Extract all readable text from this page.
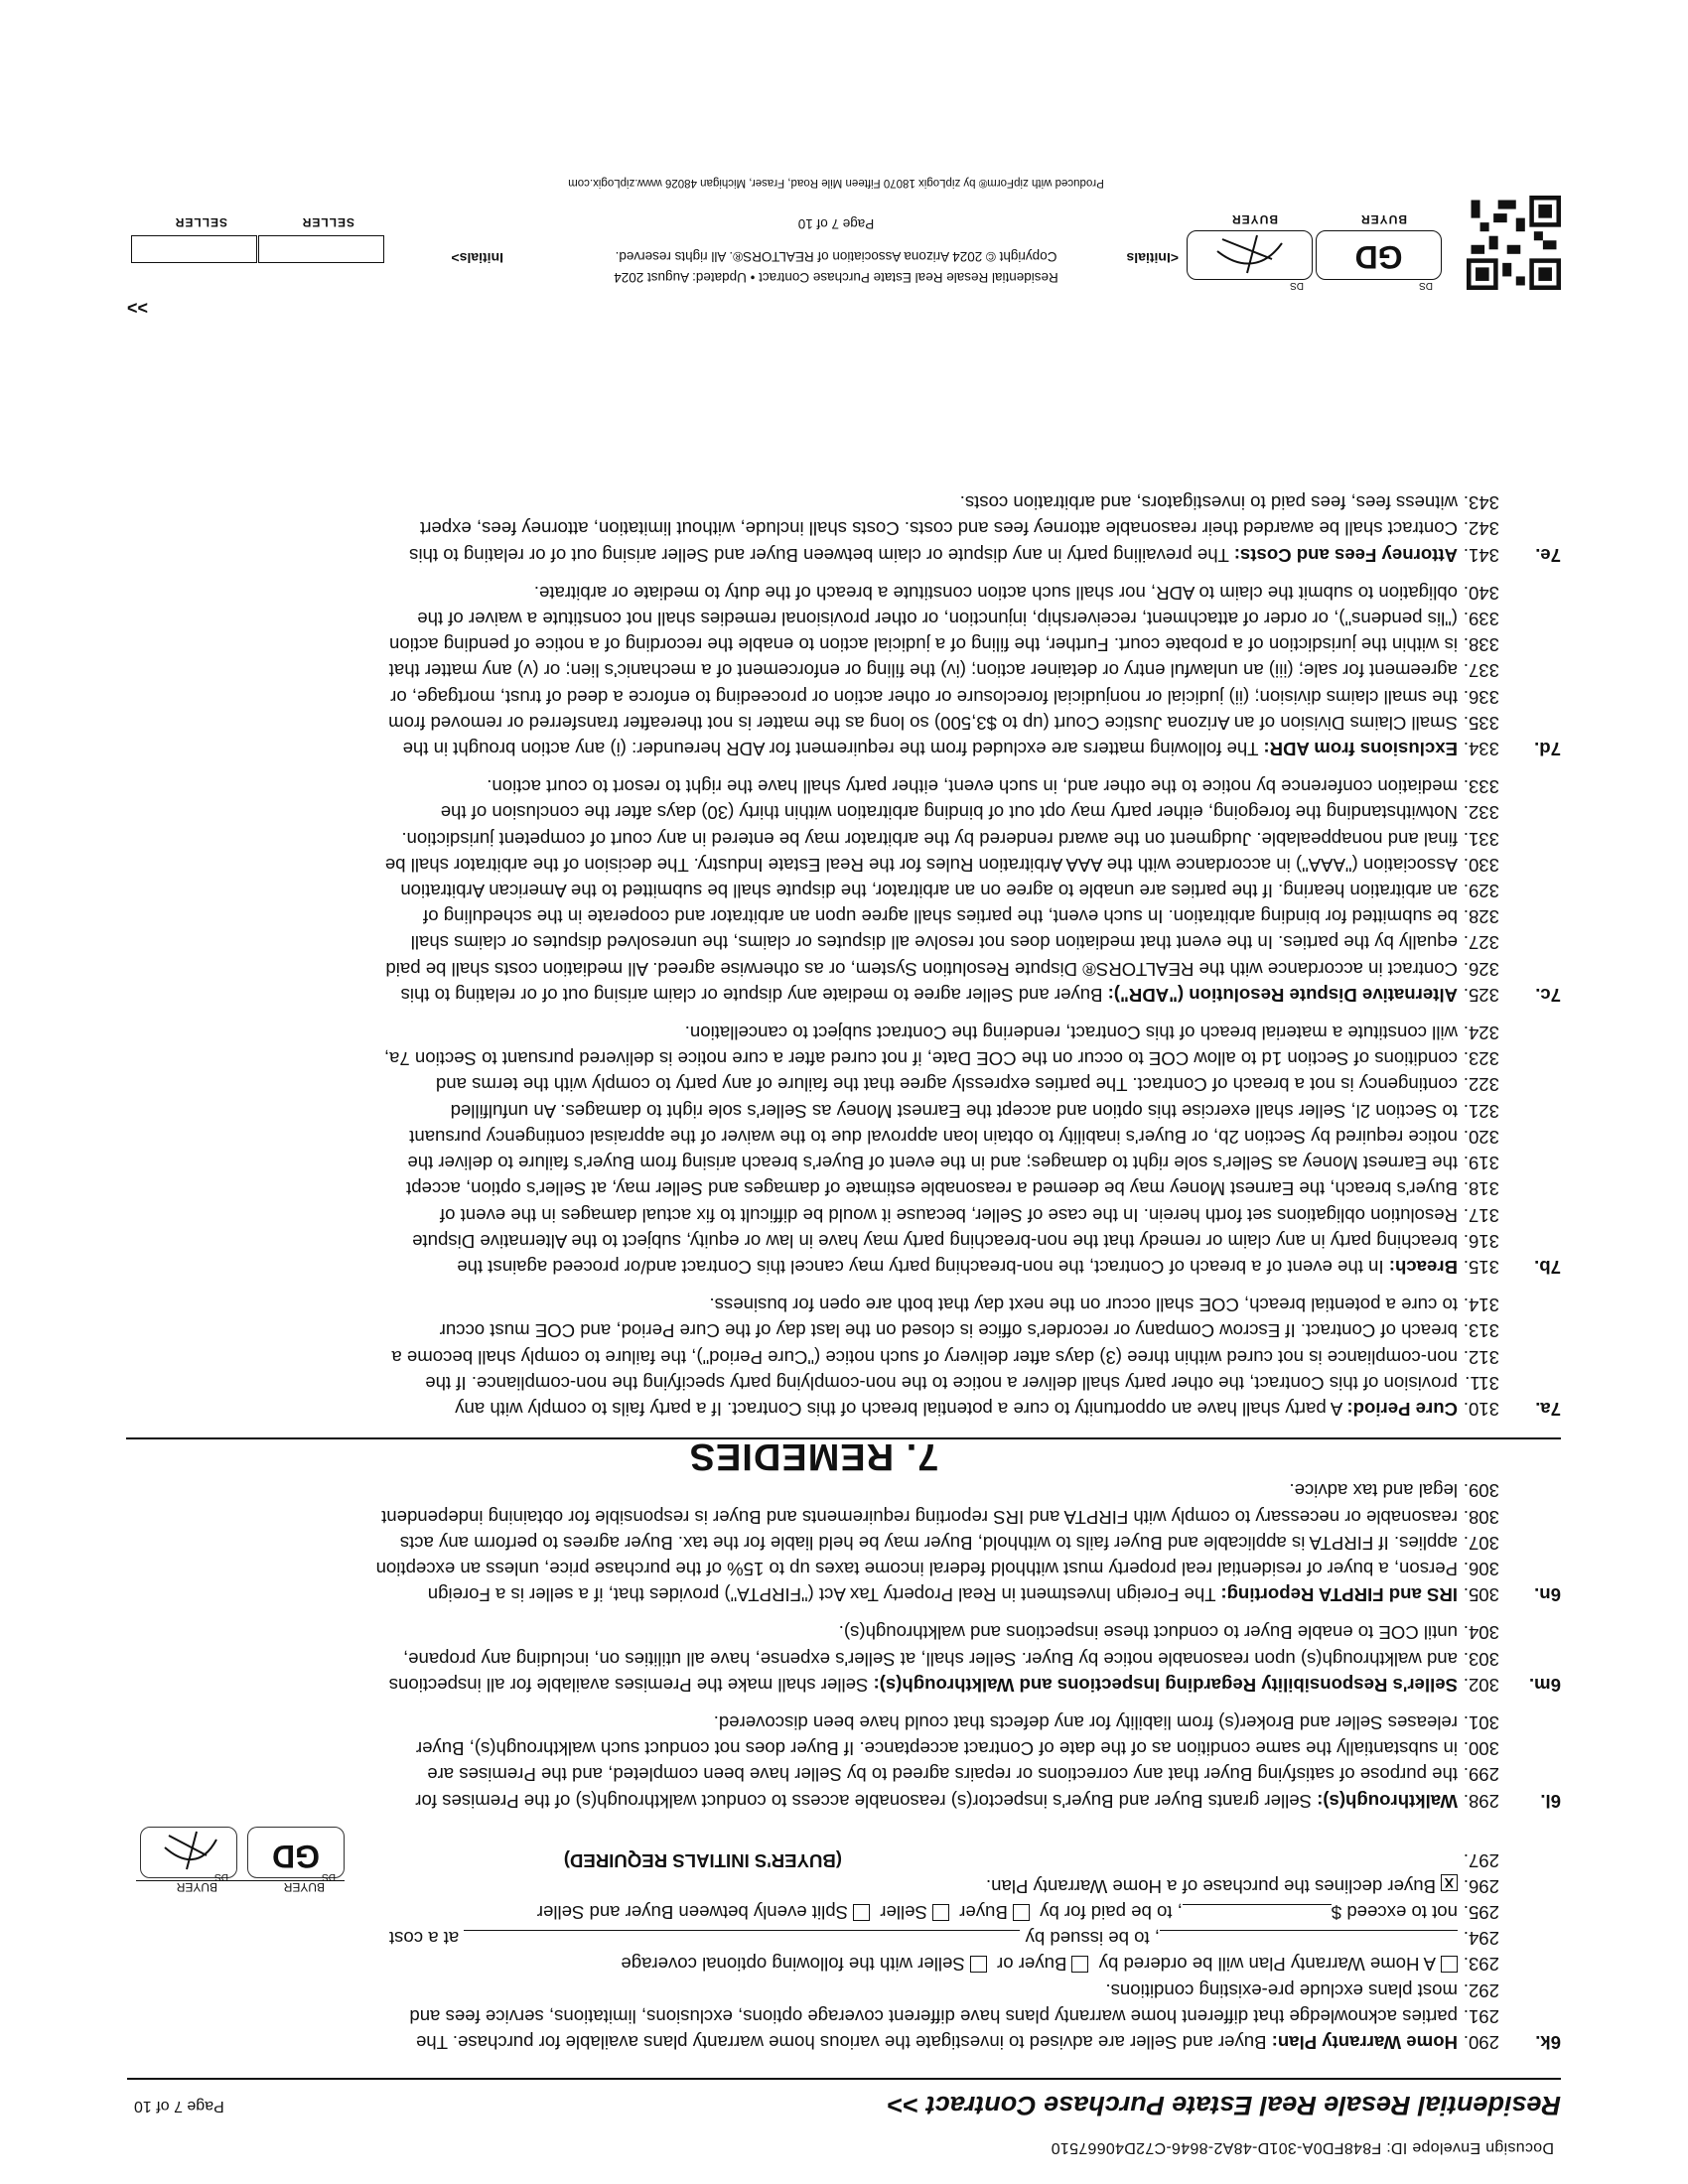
Docusign Envelope ID: F848FD0A-301D-48A2-8646-C72D40667510
Residential Resale Real Estate Purchase Contract >>
Page 7 of 10
6k.
290.Home Warranty Plan: Buyer and Seller are advised to investigate the various home warranty plans available for purchase. The
291.parties acknowledge that different home warranty plans have different coverage options, exclusions, limitations, service fees and
292.most plans exclude pre-existing conditions.
293.A Home Warranty Plan will be ordered by  Buyer or  Seller with the following optional coverage
294., to be issued by  at a cost
295.not to exceed $, to be paid for by  Buyer  Seller  Split evenly between Buyer and Seller
296.XBuyer declines the purchase of a Home Warranty Plan.
297.(BUYER'S INITIALS REQUIRED)
BUYER
BUYER
DS
GD
DS
6l.
298.Walkthrough(s): Seller grants Buyer and Buyer's inspector(s) reasonable access to conduct walkthrough(s) of the Premises for
299.the purpose of satisfying Buyer that any corrections or repairs agreed to by Seller have been completed, and the Premises are
300.in substantially the same condition as of the date of Contract acceptance. If Buyer does not conduct such walkthrough(s), Buyer
301.releases Seller and Broker(s) from liability for any defects that could have been discovered.
6m.
302.Seller's Responsibility Regarding Inspections and Walkthrough(s): Seller shall make the Premises available for all inspections
303.and walkthrough(s) upon reasonable notice by Buyer. Seller shall, at Seller's expense, have all utilities on, including any propane,
304.until COE to enable Buyer to conduct these inspections and walkthrough(s).
6n.
305.IRS and FIRPTA Reporting: The Foreign Investment in Real Property Tax Act ("FIRPTA") provides that, if a seller is a Foreign
306.Person, a buyer of residential real property must withhold federal income taxes up to 15% of the purchase price, unless an exception
307.applies. If FIRPTA is applicable and Buyer fails to withhold, Buyer may be held liable for the tax. Buyer agrees to perform any acts
308.reasonable or necessary to comply with FIRPTA and IRS reporting requirements and Buyer is responsible for obtaining independent
309.legal and tax advice.
7. REMEDIES
7a.
310.Cure Period: A party shall have an opportunity to cure a potential breach of this Contract. If a party fails to comply with any
311.provision of this Contract, the other party shall deliver a notice to the non-complying party specifying the non-compliance. If the
312.non-compliance is not cured within three (3) days after delivery of such notice ("Cure Period"), the failure to comply shall become a
313.breach of Contract. If Escrow Company or recorder's office is closed on the last day of the Cure Period, and COE must occur
314.to cure a potential breach, COE shall occur on the next day that both are open for business.
7b.
315.Breach: In the event of a breach of Contract, the non-breaching party may cancel this Contract and/or proceed against the
316.breaching party in any claim or remedy that the non-breaching party may have in law or equity, subject to the Alternative Dispute
317.Resolution obligations set forth herein. In the case of Seller, because it would be difficult to fix actual damages in the event of
318.Buyer's breach, the Earnest Money may be deemed a reasonable estimate of damages and Seller may, at Seller's option, accept
319.the Earnest Money as Seller's sole right to damages; and in the event of Buyer's breach arising from Buyer's failure to deliver the
320.notice required by Section 2b, or Buyer's inability to obtain loan approval due to the waiver of the appraisal contingency pursuant
321.to Section 2l, Seller shall exercise this option and accept the Earnest Money as Seller's sole right to damages. An unfulfilled
322.contingency is not a breach of Contract. The parties expressly agree that the failure of any party to comply with the terms and
323.conditions of Section 1d to allow COE to occur on the COE Date, if not cured after a cure notice is delivered pursuant to Section 7a,
324.will constitute a material breach of this Contract, rendering the Contract subject to cancellation.
7c.
325.Alternative Dispute Resolution ("ADR"): Buyer and Seller agree to mediate any dispute or claim arising out of or relating to this
326.Contract in accordance with the REALTORS® Dispute Resolution System, or as otherwise agreed. All mediation costs shall be paid
327.equally by the parties. In the event that mediation does not resolve all disputes or claims, the unresolved disputes or claims shall
328.be submitted for binding arbitration. In such event, the parties shall agree upon an arbitrator and cooperate in the scheduling of
329.an arbitration hearing. If the parties are unable to agree on an arbitrator, the dispute shall be submitted to the American Arbitration
330.Association ("AAA") in accordance with the AAA Arbitration Rules for the Real Estate Industry. The decision of the arbitrator shall be
331.final and nonappealable. Judgment on the award rendered by the arbitrator may be entered in any court of competent jurisdiction.
332.Notwithstanding the foregoing, either party may opt out of binding arbitration within thirty (30) days after the conclusion of the
333.mediation conference by notice to the other and, in such event, either party shall have the right to resort to court action.
7d.
334.Exclusions from ADR: The following matters are excluded from the requirement for ADR hereunder: (i) any action brought in the
335.Small Claims Division of an Arizona Justice Court (up to $3,500) so long as the matter is not thereafter transferred or removed from
336.the small claims division; (ii) judicial or nonjudicial foreclosure or other action or proceeding to enforce a deed of trust, mortgage, or
337.agreement for sale; (iii) an unlawful entry or detainer action; (iv) the filing or enforcement of a mechanic's lien; or (v) any matter that
338.is within the jurisdiction of a probate court. Further, the filing of a judicial action to enable the recording of a notice of pending action
339.("lis pendens"), or order of attachment, receivership, injunction, or other provisional remedies shall not constitute a waiver of the
340.obligation to submit the claim to ADR, nor shall such action constitute a breach of the duty to mediate or arbitrate.
7e.
341.Attorney Fees and Costs: The prevailing party in any dispute or claim between Buyer and Seller arising out of or relating to this
342.Contract shall be awarded their reasonable attorney fees and costs. Costs shall include, without limitation, attorney fees, expert
343.witness fees, fees paid to investigators, and arbitration costs.
>>
DS
GD
DS
BUYER
BUYER
<Initials
Residential Resale Real Estate Purchase Contract • Updated: August 2024
Copyright © 2024 Arizona Association of REALTORS®. All rights reserved.
Page 7 of 10
Initials>
SELLER
SELLER
Produced with zipForm® by zipLogix 18070 Fifteen Mile Road, Fraser, Michigan 48026 www.zipLogix.com
